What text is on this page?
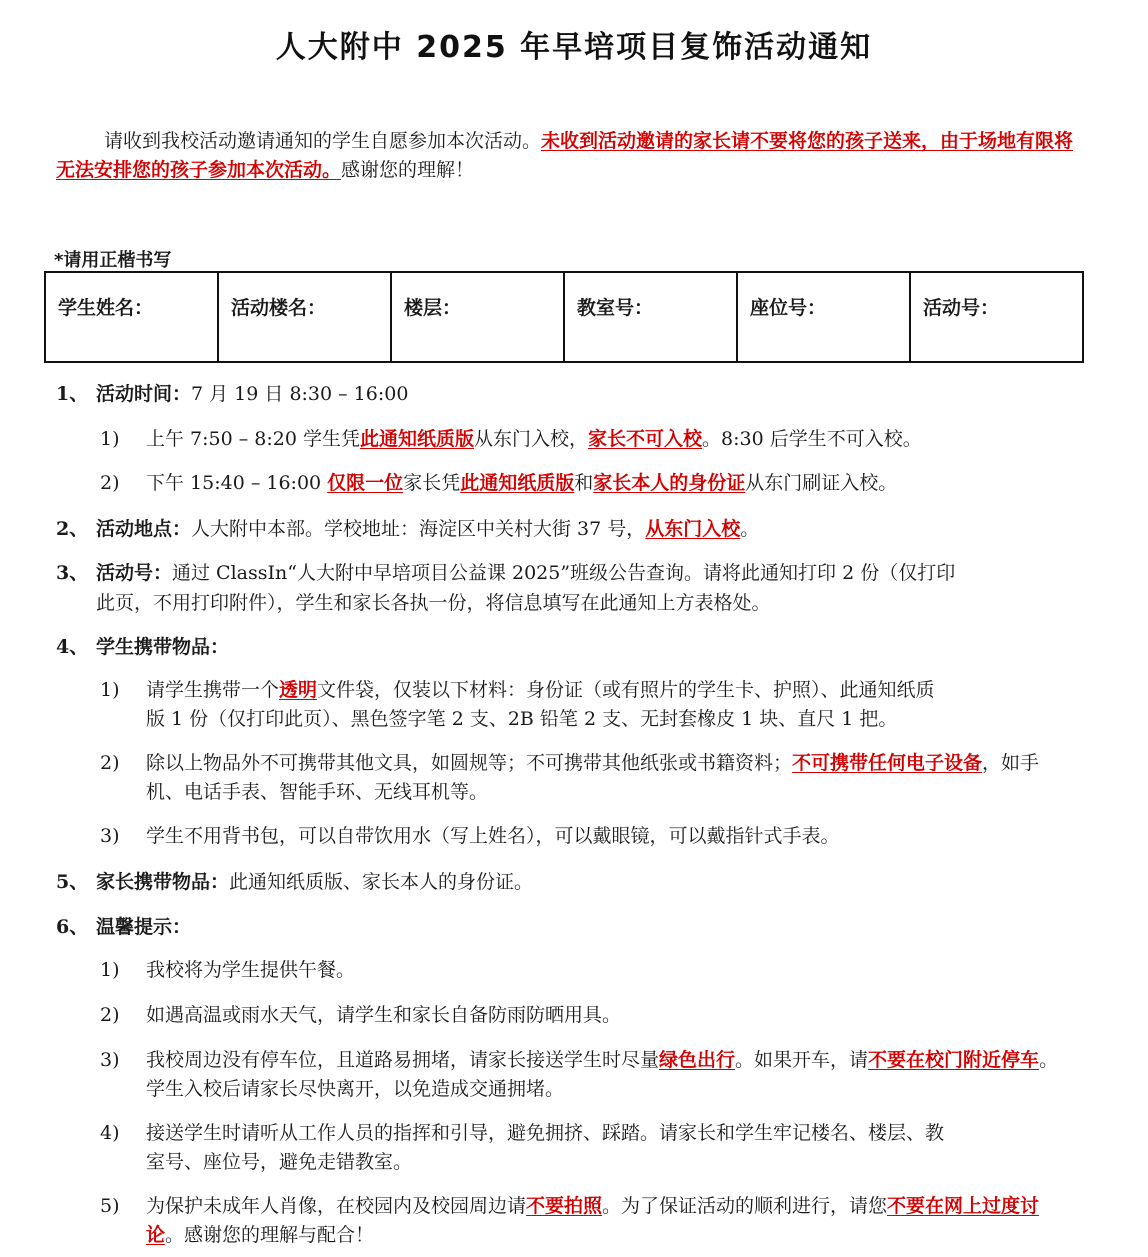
人大附中 2025 年早培项目复饰活动通知
请收到我校活动邀请通知的学生自愿参加本次活动。未收到活动邀请的家长请不要将您的孩子送来，由于场地有限将无法安排您的孩子参加本次活动。感谢您的理解！
*请用正楷书写
学生姓名：	活动楼名：	楼层：	教室号：	座位号：	活动号：
1、 活动时间：7 月 19 日 8:30 – 16:00
1) 上午 7:50 – 8:20 学生凭此通知纸质版从东门入校，家长不可入校。8:30 后学生不可入校。
2) 下午 15:40 – 16:00 仅限一位家长凭此通知纸质版和家长本人的身份证从东门刷证入校。
2、 活动地点：人大附中本部。学校地址：海淀区中关村大街 37 号，从东门入校。
3、 活动号：通过 ClassIn“人大附中早培项目公益课 2025”班级公告查询。请将此通知打印 2 份（仅打印
此页，不用打印附件），学生和家长各执一份，将信息填写在此通知上方表格处。
4、 学生携带物品：
1) 请学生携带一个透明文件袋，仅装以下材料：身份证（或有照片的学生卡、护照）、此通知纸质
版 1 份（仅打印此页）、黑色签字笔 2 支、2B 铅笔 2 支、无封套橡皮 1 块、直尺 1 把。
2) 除以上物品外不可携带其他文具，如圆规等；不可携带其他纸张或书籍资料；不可携带任何电子设备，如手机、电话手表、智能手环、无线耳机等。
3) 学生不用背书包，可以自带饮用水（写上姓名），可以戴眼镜，可以戴指针式手表。
5、 家长携带物品：此通知纸质版、家长本人的身份证。
6、 温馨提示：
1) 我校将为学生提供午餐。
2) 如遇高温或雨水天气，请学生和家长自备防雨防晒用具。
3) 我校周边没有停车位，且道路易拥堵，请家长接送学生时尽量绿色出行。如果开车，请不要在校门附近停车。学生入校后请家长尽快离开，以免造成交通拥堵。
4) 接送学生时请听从工作人员的指挥和引导，避免拥挤、踩踏。请家长和学生牢记楼名、楼层、教
室号、座位号，避免走错教室。
5) 为保护未成年人肖像，在校园内及校园周边请不要拍照。为了保证活动的顺利进行，请您不要在网上过度讨论。感谢您的理解与配合！
